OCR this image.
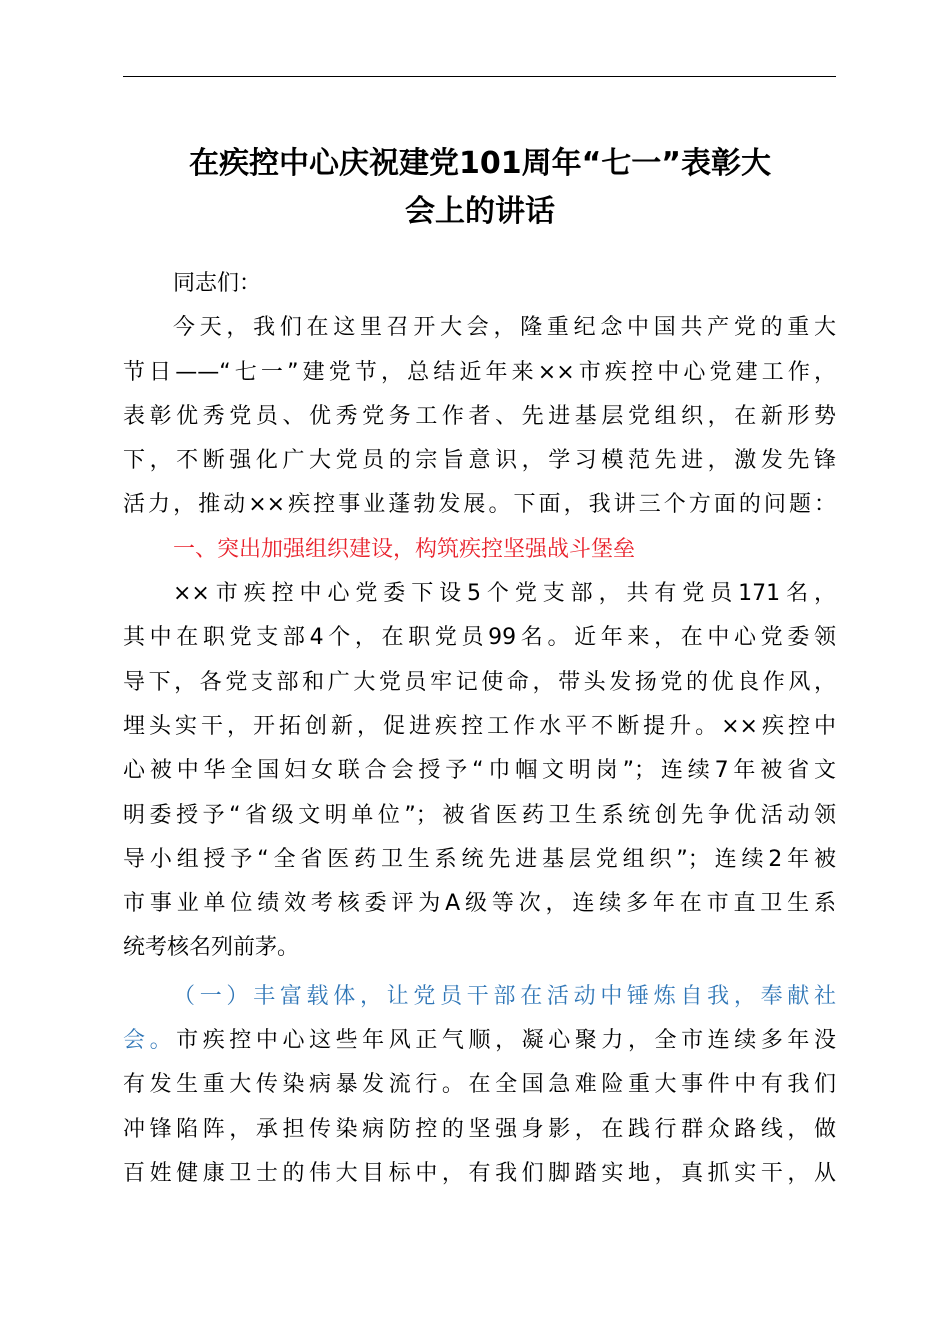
在疾控中心庆祝建党101周年“七一”表彰大
会上的讲话
同志们：
今天，我们在这里召开大会，隆重纪念中国共产党的重大
节日——“七一”建党节，总结近年来××市疾控中心党建工作，
表彰优秀党员、优秀党务工作者、先进基层党组织，在新形势
下，不断强化广大党员的宗旨意识，学习模范先进，激发先锋
活力，推动××疾控事业蓬勃发展。下面，我讲三个方面的问题：
一、突出加强组织建设，构筑疾控坚强战斗堡垒
××市疾控中心党委下设5个党支部，共有党员171名，
其中在职党支部4个，在职党员99名。近年来，在中心党委领
导下，各党支部和广大党员牢记使命，带头发扬党的优良作风，
埋头实干，开拓创新，促进疾控工作水平不断提升。××疾控中
心被中华全国妇女联合会授予“巾帼文明岗”；连续7年被省文
明委授予“省级文明单位”；被省医药卫生系统创先争优活动领
导小组授予“全省医药卫生系统先进基层党组织”；连续2年被
市事业单位绩效考核委评为A级等次，连续多年在市直卫生系
统考核名列前茅。
（一）丰富载体，让党员干部在活动中锤炼自我，奉献社
会。市疾控中心这些年风正气顺，凝心聚力，全市连续多年没
有发生重大传染病暴发流行。在全国急难险重大事件中有我们
冲锋陷阵，承担传染病防控的坚强身影，在践行群众路线，做
百姓健康卫士的伟大目标中，有我们脚踏实地，真抓实干，从
